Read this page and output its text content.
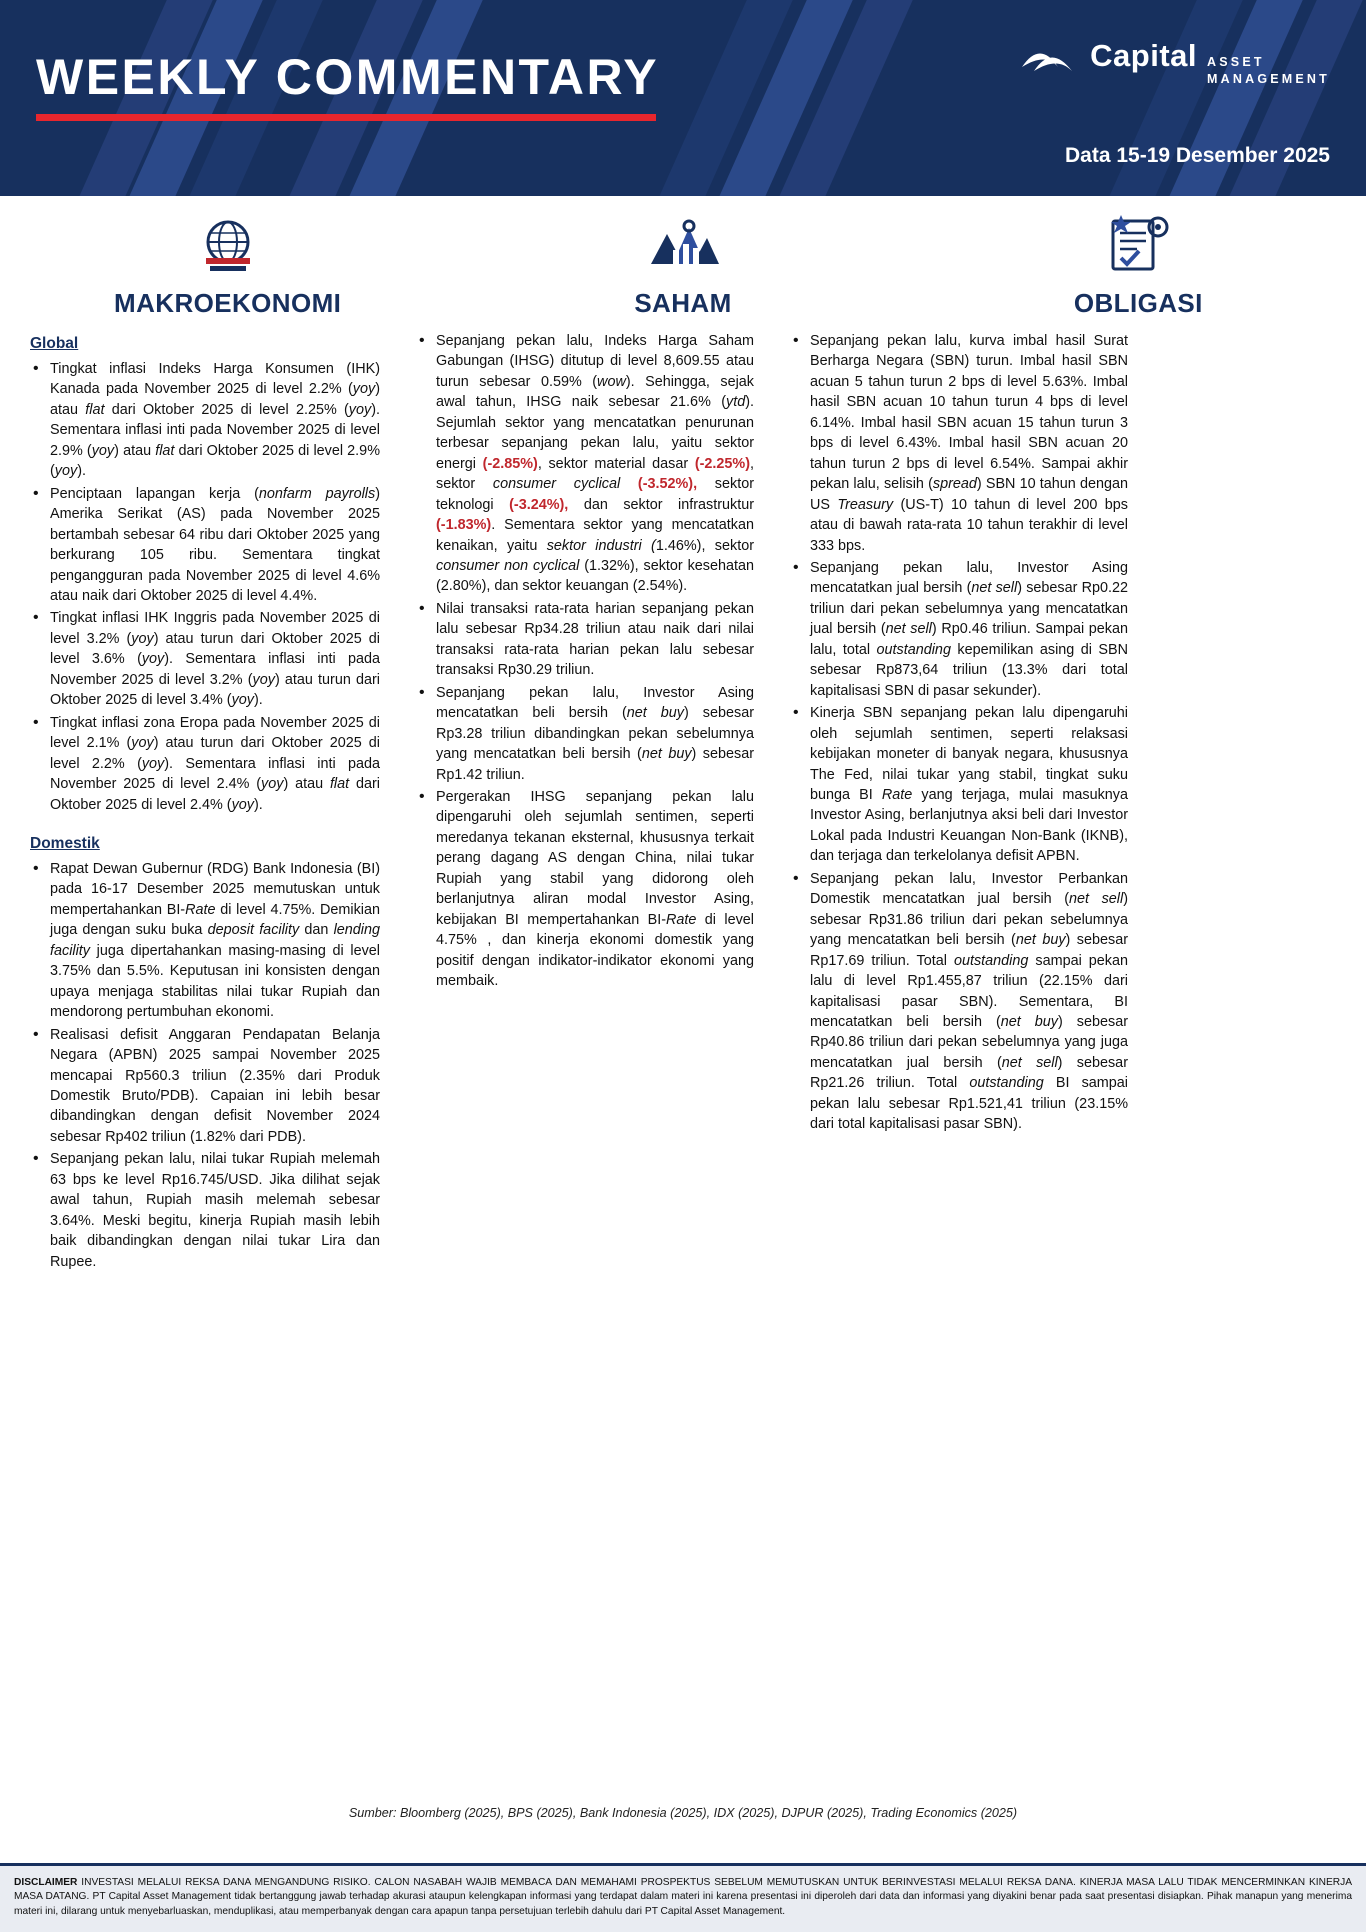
WEEKLY COMMENTARY	Capital ASSET
MANAGEMENT
Data 15-19 Desember 2025
MAKROEKONOMI	SAHAM	OBLIGASI
Global
• Tingkat inflasi Indeks Harga Konsumen (IHK) Kanada pada November 2025 di level 2.2% (yoy) atau flat dari Oktober 2025 di level 2.25% (yoy). Sementara inflasi inti pada November 2025 di level 2.9% (yoy) atau flat dari Oktober 2025 di level 2.9% (yoy).
• Penciptaan lapangan kerja (nonfarm payrolls) Amerika Serikat (AS) pada November 2025 bertambah sebesar 64 ribu dari Oktober 2025 yang berkurang 105 ribu. Sementara tingkat pengangguran pada November 2025 di level 4.6% atau naik dari Oktober 2025 di level 4.4%.
• Tingkat inflasi IHK Inggris pada November 2025 di level 3.2% (yoy) atau turun dari Oktober 2025 di level 3.6% (yoy). Sementara inflasi inti pada November 2025 di level 3.2% (yoy) atau turun dari Oktober 2025 di level 3.4% (yoy).
• Tingkat inflasi zona Eropa pada November 2025 di level 2.1% (yoy) atau turun dari Oktober 2025 di level 2.2% (yoy). Sementara inflasi inti pada November 2025 di level 2.4% (yoy) atau flat dari Oktober 2025 di level 2.4% (yoy).
Domestik
• Rapat Dewan Gubernur (RDG) Bank Indonesia (BI) pada 16-17 Desember 2025 memutuskan untuk mempertahankan BI-Rate di level 4.75%. Demikian juga dengan suku buka deposit facility dan lending facility juga dipertahankan masing-masing di level 3.75% dan 5.5%. Keputusan ini konsisten dengan upaya menjaga stabilitas nilai tukar Rupiah dan mendorong pertumbuhan ekonomi.
• Realisasi defisit Anggaran Pendapatan Belanja Negara (APBN) 2025 sampai November 2025 mencapai Rp560.3 triliun (2.35% dari Produk Domestik Bruto/PDB). Capaian ini lebih besar dibandingkan dengan defisit November 2024 sebesar Rp402 triliun (1.82% dari PDB).
• Sepanjang pekan lalu, nilai tukar Rupiah melemah 63 bps ke level Rp16.745/USD. Jika dilihat sejak awal tahun, Rupiah masih melemah sebesar 3.64%. Meski begitu, kinerja Rupiah masih lebih baik dibandingkan dengan nilai tukar Lira dan Rupee.
• Sepanjang pekan lalu, Indeks Harga Saham Gabungan (IHSG) ditutup di level 8,609.55 atau turun sebesar 0.59% (wow). Sehingga, sejak awal tahun, IHSG naik sebesar 21.6% (ytd). Sejumlah sektor yang mencatatkan penurunan terbesar sepanjang pekan lalu, yaitu sektor energi (-2.85%), sektor material dasar (-2.25%), sektor consumer cyclical (-3.52%), sektor teknologi (-3.24%), dan sektor infrastruktur (-1.83%). Sementara sektor yang mencatatkan kenaikan, yaitu sektor industri (1.46%), sektor consumer non cyclical (1.32%), sektor kesehatan (2.80%), dan sektor keuangan (2.54%).
• Nilai transaksi rata-rata harian sepanjang pekan lalu sebesar Rp34.28 triliun atau naik dari nilai transaksi rata-rata harian pekan lalu sebesar transaksi Rp30.29 triliun.
• Sepanjang pekan lalu, Investor Asing mencatatkan beli bersih (net buy) sebesar Rp3.28 triliun dibandingkan pekan sebelumnya yang mencatatkan beli bersih (net buy) sebesar Rp1.42 triliun.
• Pergerakan IHSG sepanjang pekan lalu dipengaruhi oleh sejumlah sentimen, seperti meredanya tekanan eksternal, khususnya terkait perang dagang AS dengan China, nilai tukar Rupiah yang stabil yang didorong oleh berlanjutnya aliran modal Investor Asing, kebijakan BI mempertahankan BI-Rate di level 4.75% , dan kinerja ekonomi domestik yang positif dengan indikator-indikator ekonomi yang membaik.
• Sepanjang pekan lalu, kurva imbal hasil Surat Berharga Negara (SBN) turun. Imbal hasil SBN acuan 5 tahun turun 2 bps di level 5.63%. Imbal hasil SBN acuan 10 tahun turun 4 bps di level 6.14%. Imbal hasil SBN acuan 15 tahun turun 3 bps di level 6.43%. Imbal hasil SBN acuan 20 tahun turun 2 bps di level 6.54%. Sampai akhir pekan lalu, selisih (spread) SBN 10 tahun dengan US Treasury (US-T) 10 tahun di level 200 bps atau di bawah rata-rata 10 tahun terakhir di level 333 bps.
• Sepanjang pekan lalu, Investor Asing mencatatkan jual bersih (net sell) sebesar Rp0.22 triliun dari pekan sebelumnya yang mencatatkan jual bersih (net sell) Rp0.46 triliun. Sampai pekan lalu, total outstanding kepemilikan asing di SBN sebesar Rp873,64 triliun (13.3% dari total kapitalisasi SBN di pasar sekunder).
• Kinerja SBN sepanjang pekan lalu dipengaruhi oleh sejumlah sentimen, seperti relaksasi kebijakan moneter di banyak negara, khususnya The Fed, nilai tukar yang stabil, tingkat suku bunga BI Rate yang terjaga, mulai masuknya Investor Asing, berlanjutnya aksi beli dari Investor Lokal pada Industri Keuangan Non-Bank (IKNB), dan terjaga dan terkelolanya defisit APBN.
• Sepanjang pekan lalu, Investor Perbankan Domestik mencatatkan jual bersih (net sell) sebesar Rp31.86 triliun dari pekan sebelumnya yang mencatatkan beli bersih (net buy) sebesar Rp17.69 triliun. Total outstanding sampai pekan lalu di level Rp1.455,87 triliun (22.15% dari kapitalisasi pasar SBN). Sementara, BI mencatatkan beli bersih (net buy) sebesar Rp40.86 triliun dari pekan sebelumnya yang juga mencatatkan jual bersih (net sell) sebesar Rp21.26 triliun. Total outstanding BI sampai pekan lalu sebesar Rp1.521,41 triliun (23.15% dari total kapitalisasi pasar SBN).
Sumber: Bloomberg (2025), BPS (2025), Bank Indonesia (2025), IDX (2025), DJPUR (2025), Trading Economics (2025)
DISCLAIMER INVESTASI MELALUI REKSA DANA MENGANDUNG RISIKO. CALON NASABAH WAJIB MEMBACA DAN MEMAHAMI PROSPEKTUS SEBELUM MEMUTUSKAN UNTUK BERINVESTASI MELALUI REKSA DANA. KINERJA MASA LALU TIDAK MENCERMINKAN KINERJA MASA DATANG. PT Capital Asset Management tidak bertanggung jawab terhadap akurasi ataupun kelengkapan informasi yang terdapat dalam materi ini karena presentasi ini diperoleh dari data dan informasi yang diyakini benar pada saat presentasi disiapkan. Pihak manapun yang menerima materi ini, dilarang untuk menyebarluaskan, menduplikasi, atau memperbanyak dengan cara apapun tanpa persetujuan terlebih dahulu dari PT Capital Asset Management.
